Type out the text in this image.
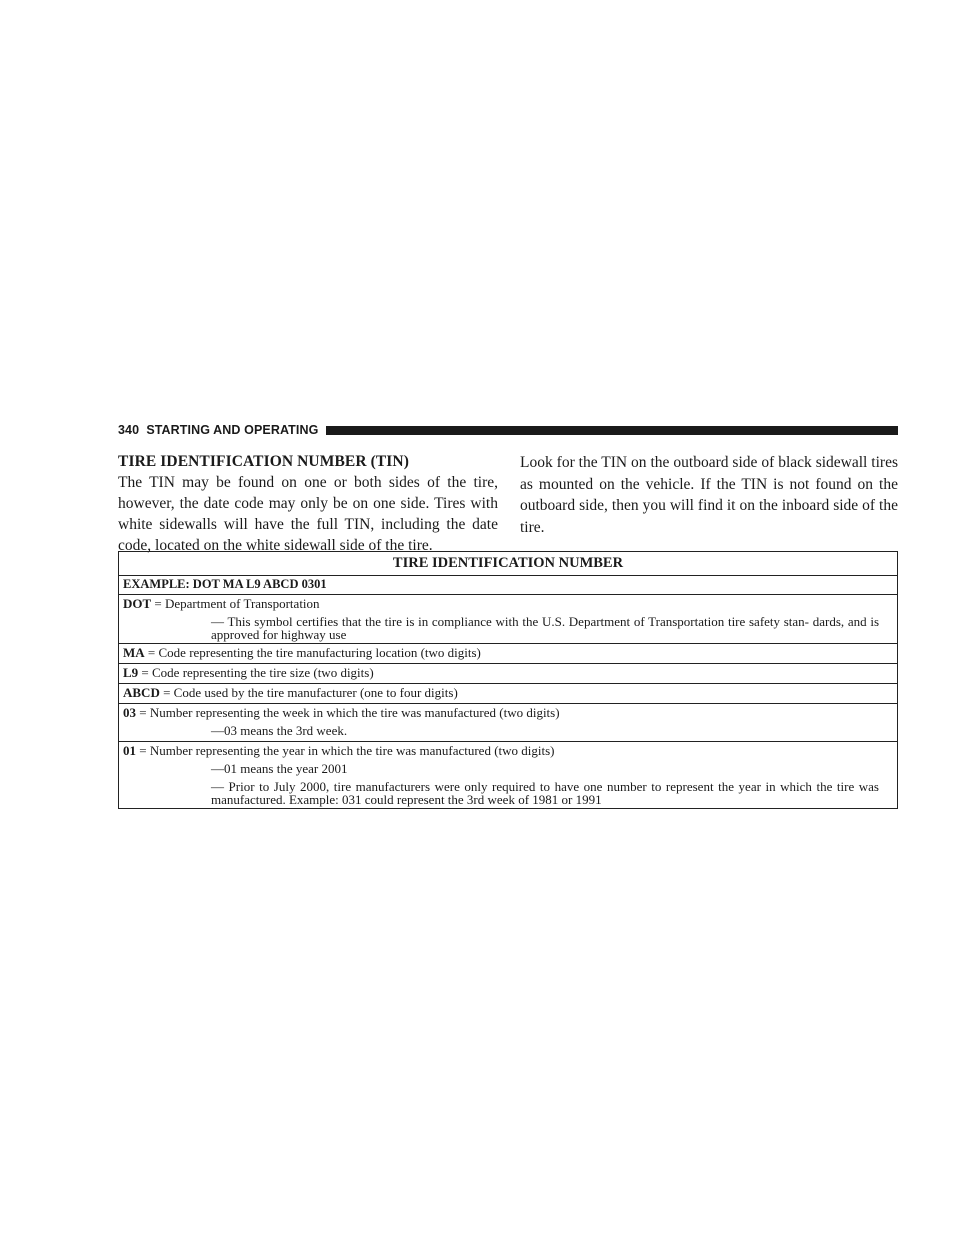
340 STARTING AND OPERATING
TIRE IDENTIFICATION NUMBER (TIN)

The TIN may be found on one or both sides of the tire, however, the date code may only be on one side. Tires with white sidewalls will have the full TIN, including the date code, located on the white sidewall side of the tire.

Look for the TIN on the outboard side of black sidewall tires as mounted on the vehicle. If the TIN is not found on the outboard side, then you will find it on the inboard side of the tire.

TIRE IDENTIFICATION NUMBER
EXAMPLE: DOT MA L9 ABCD 0301

DOT = Department of Transportation
— This symbol certifies that the tire is in compliance with the U.S. Department of Transportation tire safety stan- dards, and is approved for highway use

MA = Code representing the tire manufacturing location (two digits)

L9 = Code representing the tire size (two digits)

ABCD = Code used by the tire manufacturer (one to four digits)

03 = Number representing the week in which the tire was manufactured (two digits)
—03 means the 3rd week.

01 = Number representing the year in which the tire was manufactured (two digits)
—01 means the year 2001
— Prior to July 2000, tire manufacturers were only required to have one number to represent the year in which the tire was manufactured. Example: 031 could represent the 3rd week of 1981 or 1991
